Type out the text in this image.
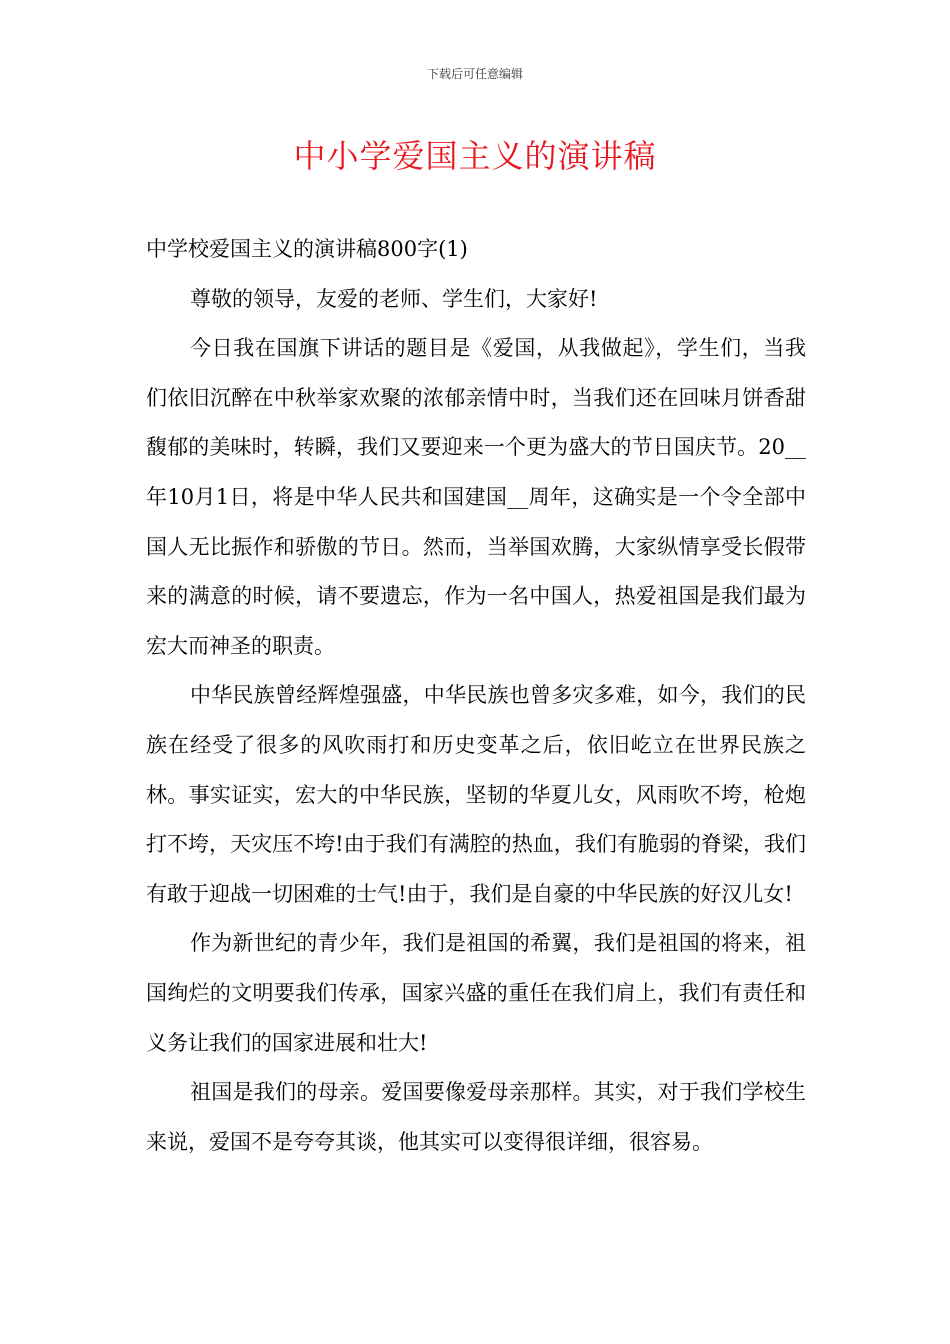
下载后可任意编辑
中小学爱国主义的演讲稿

中学校爱国主义的演讲稿800字(1)

尊敬的领导，友爱的老师、学生们，大家好!

今日我在国旗下讲话的题目是《爱国，从我做起》，学生们，当我们依旧沉醉在中秋举家欢聚的浓郁亲情中时，当我们还在回味月饼香甜馥郁的美味时，转瞬，我们又要迎来一个更为盛大的节日国庆节。20__年10月1日，将是中华人民共和国建国__周年，这确实是一个令全部中国人无比振作和骄傲的节日。然而，当举国欢腾，大家纵情享受长假带来的满意的时候，请不要遗忘，作为一名中国人，热爱祖国是我们最为宏大而神圣的职责。

中华民族曾经辉煌强盛，中华民族也曾多灾多难，如今，我们的民族在经受了很多的风吹雨打和历史变革之后，依旧屹立在世界民族之林。事实证实，宏大的中华民族，坚韧的华夏儿女，风雨吹不垮，枪炮打不垮，天灾压不垮!由于我们有满腔的热血，我们有脆弱的脊梁，我们有敢于迎战一切困难的士气!由于，我们是自豪的中华民族的好汉儿女!

作为新世纪的青少年，我们是祖国的希翼，我们是祖国的将来，祖国绚烂的文明要我们传承，国家兴盛的重任在我们肩上，我们有责任和义务让我们的国家进展和壮大!

祖国是我们的母亲。爱国要像爱母亲那样。其实，对于我们学校生来说，爱国不是夸夸其谈，他其实可以变得很详细，很容易。
